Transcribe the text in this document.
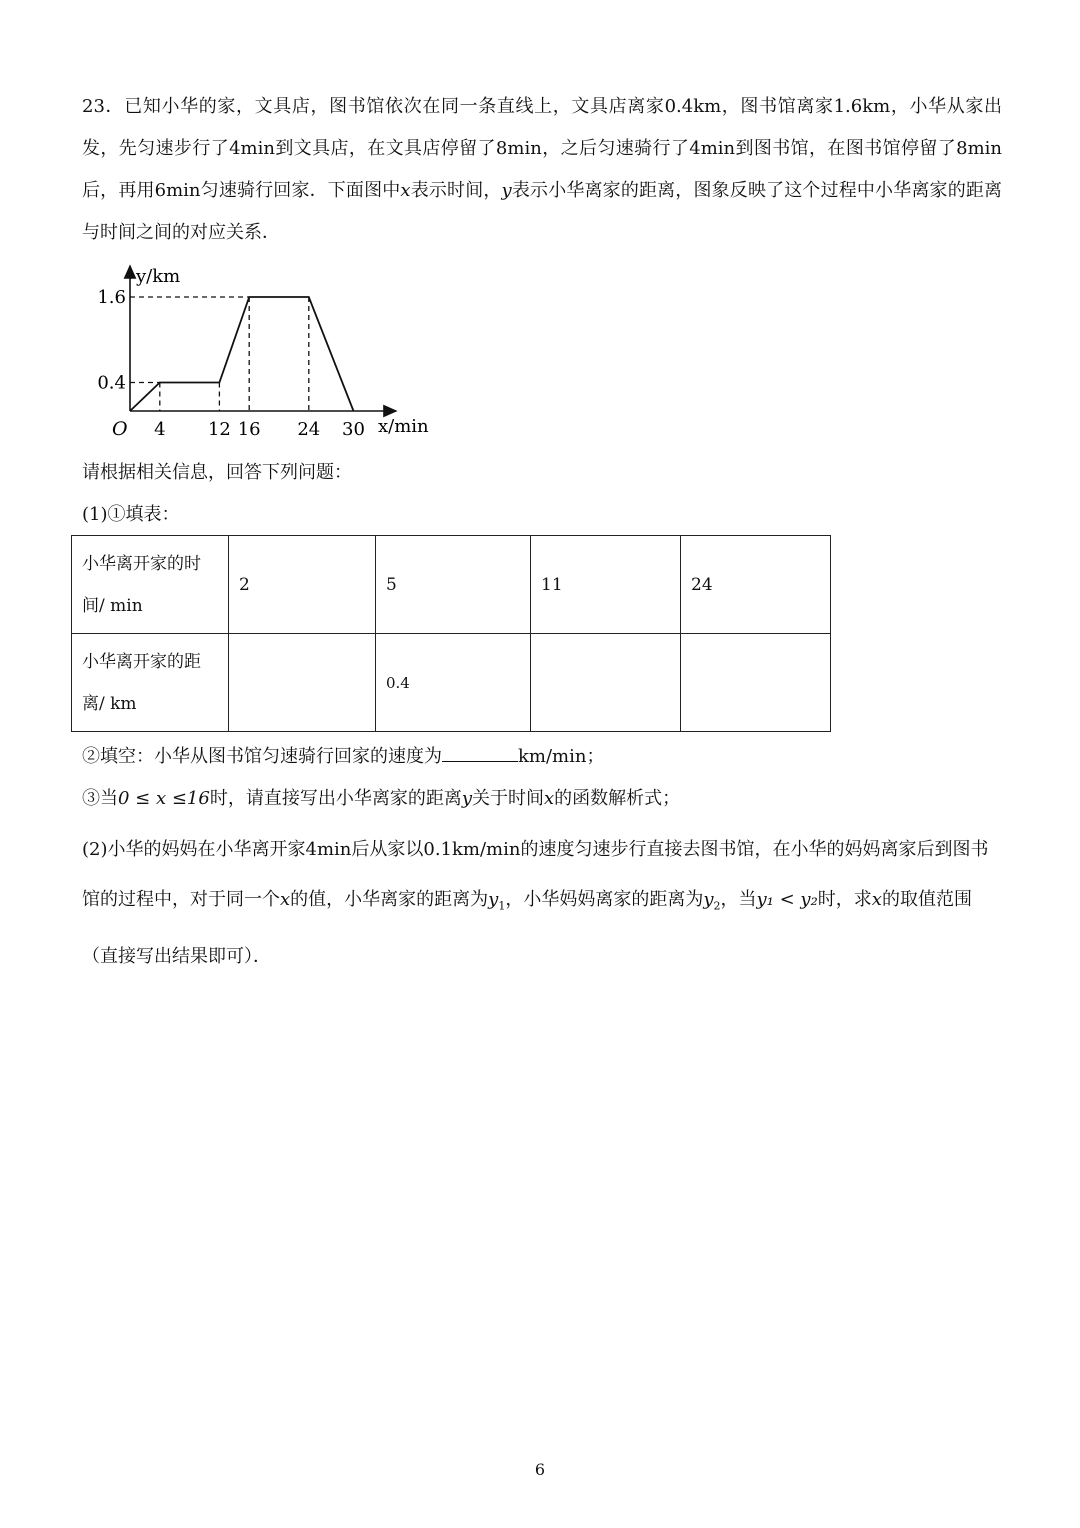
23．已知小华的家，文具店，图书馆依次在同一条直线上，文具店离家0.4km，图书馆离家1.6km，小华从家出发，先匀速步行了4min到文具店，在文具店停留了8min，之后匀速骑行了4min到图书馆，在图书馆停留了8min后，再用6min匀速骑行回家．下面图中x表示时间，y表示小华离家的距离，图象反映了这个过程中小华离家的距离与时间之间的对应关系．
4 12 16 24 30
0.4
1.6
O
y/km
x/min
请根据相关信息，回答下列问题：
(1)①填表：
小华离开家的时间/ min	2	5	11	24
小华离开家的距离/ km		0.4		
②填空：小华从图书馆匀速骑行回家的速度为	km/min；
③当0 ≤ x ≤16时，请直接写出小华离家的距离y关于时间x的函数解析式；
(2)小华的妈妈在小华离开家4min后从家以0.1km/min的速度匀速步行直接去图书馆，在小华的妈妈离家后到图书馆的过程中，对于同一个x的值，小华离家的距离为$y_1$，小华妈妈离家的距离为$y_2$，当y₁ < y₂时，求x的取值范围（直接写出结果即可）．
6
